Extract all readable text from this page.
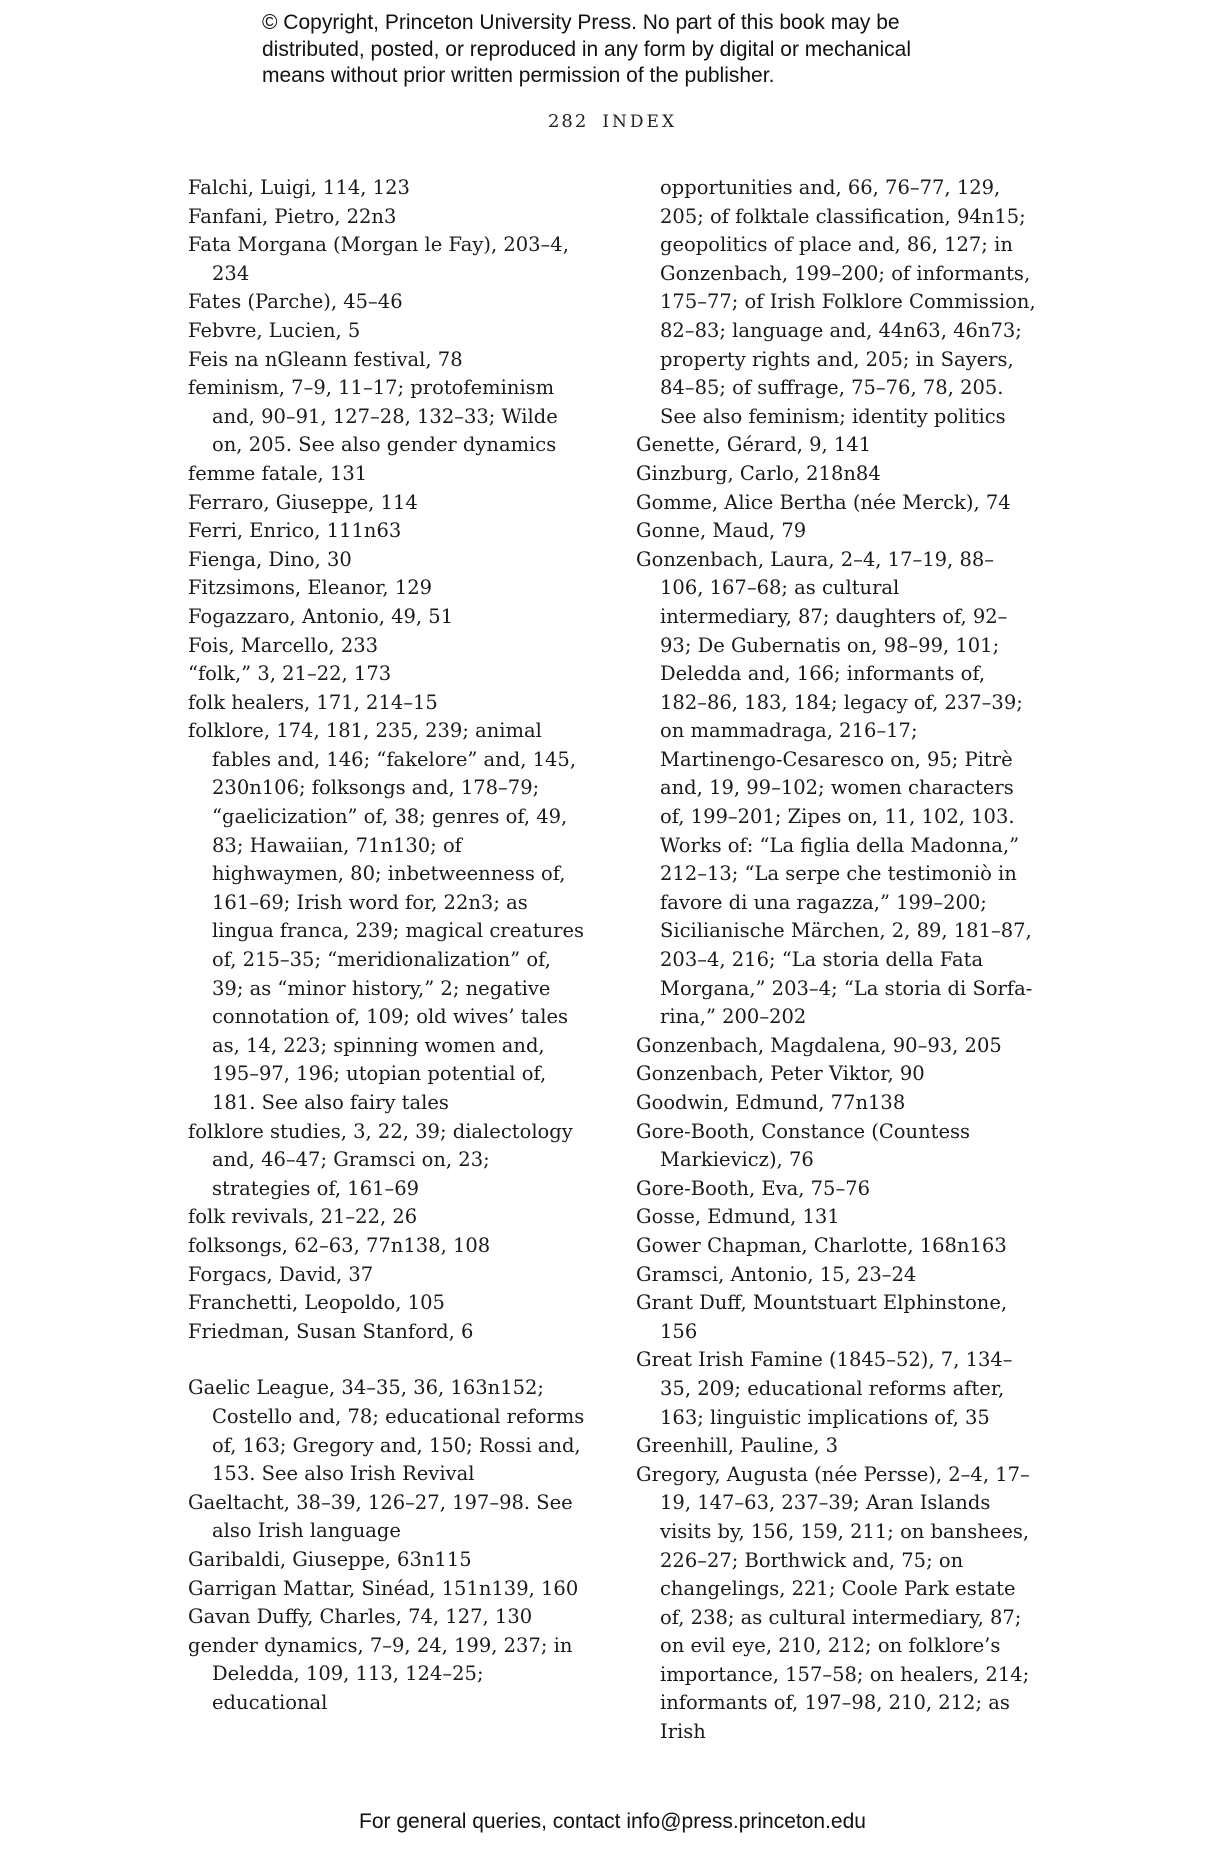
© Copyright, Princeton University Press. No part of this book may be

distributed, posted, or reproduced in any form by digital or mechanical

means without prior written permission of the publisher.

282 INDEX

Falchi, Luigi, 114, 123

Fanfani, Pietro, 22n3

Fata Morgana (Morgan le Fay), 203–4, 234

Fates (Parche), 45–46

Febvre, Lucien, 5

Feis na nGleann festival, 78

feminism, 7–9, 11–17; protofeminism and, 90–91, 127–28, 132–33; Wilde on, 205. See also gender dynamics

femme fatale, 131

Ferraro, Giuseppe, 114

Ferri, Enrico, 111n63

Fienga, Dino, 30

Fitzsimons, Eleanor, 129

Fogazzaro, Antonio, 49, 51

Fois, Marcello, 233

“folk,” 3, 21–22, 173

folk healers, 171, 214–15

folklore, 174, 181, 235, 239; animal fables and, 146; “fakelore” and, 145, 230n106; folksongs and, 178–79; “gaelicization” of, 38; genres of, 49, 83; Hawaiian, 71n130; of highwaymen, 80; inbetweenness of, 161–69; Irish word for, 22n3; as lingua franca, 239; magical creatures of, 215–35; “meridionalization” of, 39; as “minor history,” 2; negative connotation of, 109; old wives’ tales as, 14, 223; spinning women and, 195–97, 196; utopian potential of, 181. See also fairy tales

folklore studies, 3, 22, 39; dialectology and, 46–47; Gramsci on, 23; strategies of, 161–69

folk revivals, 21–22, 26

folksongs, 62–63, 77n138, 108

Forgacs, David, 37

Franchetti, Leopoldo, 105

Friedman, Susan Stanford, 6

Gaelic League, 34–35, 36, 163n152; Costello and, 78; educational reforms of, 163; Gregory and, 150; Rossi and, 153. See also Irish Revival

Gaeltacht, 38–39, 126–27, 197–98. See also Irish language

Garibaldi, Giuseppe, 63n115

Garrigan Mattar, Sinéad, 151n139, 160

Gavan Duffy, Charles, 74, 127, 130

gender dynamics, 7–9, 24, 199, 237; in Deledda, 109, 113, 124–25; educational

opportunities and, 66, 76–77, 129, 205; of folktale classification, 94n15; geopolitics of place and, 86, 127; in Gonzenbach, 199–200; of informants, 175–77; of Irish Folklore Commission, 82–83; language and, 44n63, 46n73; property rights and, 205; in Sayers, 84–85; of suffrage, 75–76, 78, 205. See also feminism; identity politics

Genette, Gérard, 9, 141

Ginzburg, Carlo, 218n84

Gomme, Alice Bertha (née Merck), 74

Gonne, Maud, 79

Gonzenbach, Laura, 2–4, 17–19, 88–106, 167–68; as cultural intermediary, 87; daughters of, 92–93; De Gubernatis on, 98–99, 101; Deledda and, 166; informants of, 182–86, 183, 184; legacy of, 237–39; on mammadraga, 216–17; Martinengo-Cesaresco on, 95; Pitrè and, 19, 99–102; women characters of, 199–201; Zipes on, 11, 102, 103. Works of: “La figlia della Madonna,” 212–13; “La serpe che testimoniò in favore di una ragazza,” 199–200; Sicilianische Märchen, 2, 89, 181–87, 203–4, 216; “La storia della Fata Morgana,” 203–4; “La storia di Sorfa-rina,” 200–202

Gonzenbach, Magdalena, 90–93, 205

Gonzenbach, Peter Viktor, 90

Goodwin, Edmund, 77n138

Gore-Booth, Constance (Countess Markievicz), 76

Gore-Booth, Eva, 75–76

Gosse, Edmund, 131

Gower Chapman, Charlotte, 168n163

Gramsci, Antonio, 15, 23–24

Grant Duff, Mountstuart Elphinstone, 156

Great Irish Famine (1845–52), 7, 134–35, 209; educational reforms after, 163; linguistic implications of, 35

Greenhill, Pauline, 3

Gregory, Augusta (née Persse), 2–4, 17–19, 147–63, 237–39; Aran Islands visits by, 156, 159, 211; on banshees, 226–27; Borthwick and, 75; on changelings, 221; Coole Park estate of, 238; as cultural intermediary, 87; on evil eye, 210, 212; on folklore’s importance, 157–58; on healers, 214; informants of, 197–98, 210, 212; as Irish

For general queries, contact info@press.princeton.edu
